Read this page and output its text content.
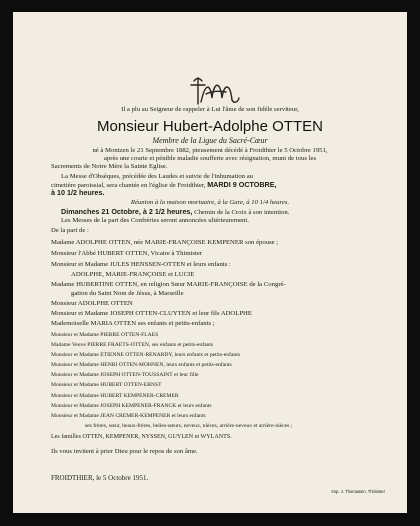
Il a plu au Seigneur de rappeler à Lui l'âme de son fidèle serviteur,
Monsieur Hubert-Adolphe OTTEN
Membre de la Ligue du Sacré-Cœur
né à Montzen le 21 Septembre 1882, pieusement décédé à Froidthier le 5 Octobre 1951,
après une courte et pénible maladie soufferte avec résignation, muni de tous les
Sacrements de Notre Mère la Sainte Eglise.
La Messe d'Obsèques, précédée des Laudes et suivie de l'inhumation au
cimetière paroissial, sera chantée en l'église de Froidthier, MARDI 9 OCTOBRE,
à 10 1/2 heures.
Réunion à la maison mortuaire, à la Gare, à 10 1/4 heures.
Dimanches 21 Octobre, à 2 1/2 heures, Chemin de la Croix à son intention.
Les Messes de la part des Confréries seront annoncées ultérieurement.
De la part de :
Madame ADOLPHE OTTEN, née MARIE-FRANÇOISE KEMPENER son épouse ;
Monsieur l'Abbé HUBERT OTTEN, Vicaire à Thimister
Monsieur et Madame JULES HENSSEN-OTTEN et leurs enfants :
ADOLPHE, MARIE-FRANÇOISE et LUCIE
Madame HUBERTINE OTTEN, en religion Sœur MARIE-FRANÇOISE de la Congré-
gation du Saint Nom de Jésus, à Marseille
Monsieur ADOLPHE OTTEN
Monsieur et Madame JOSEPH OTTEN-CLUYTEN et leur fils ADOLPHE
Mademoiselle MARIA OTTEN ses enfants et petits-enfants ;
Monsieur et Madame PIERRE OTTEN-FLAES
Madame Veuve PIERRE FRAETS-OTTEN, ses enfants et petits-enfants
Monsieur et Madame ETIENNE OTTEN-RENARDY, leurs enfants et petits-enfants
Monsieur et Madame HENRI OTTEN-MOHNEN, leurs enfants et petits-enfants
Monsieur et Madame JOSEPH OTTEN-TOUSSAINT et leur fille
Monsieur et Madame HUBERT OTTEN-ERNST
Monsieur et Madame HUBERT KEMPENER-CRÉMER
Monsieur et Madame JOSEPH KEMPENER-FRANCK et leurs enfants
Monsieur et Madame JEAN CRÉMER-KEMPENER et leurs enfants
ses frères, sœur, beaux-frères, belles-sœurs, neveux, nièces, arrière-neveux et arrière-nièces ;
Les familles OTTEN, KEMPENER, NYSSEN, GUYLEN et WYLANTS.
Ils vous invitent à prier Dieu pour le repos de son âme.
FROIDTHIER, le 5 Octobre 1951.
Imp. J. Thomassin, Thimister
